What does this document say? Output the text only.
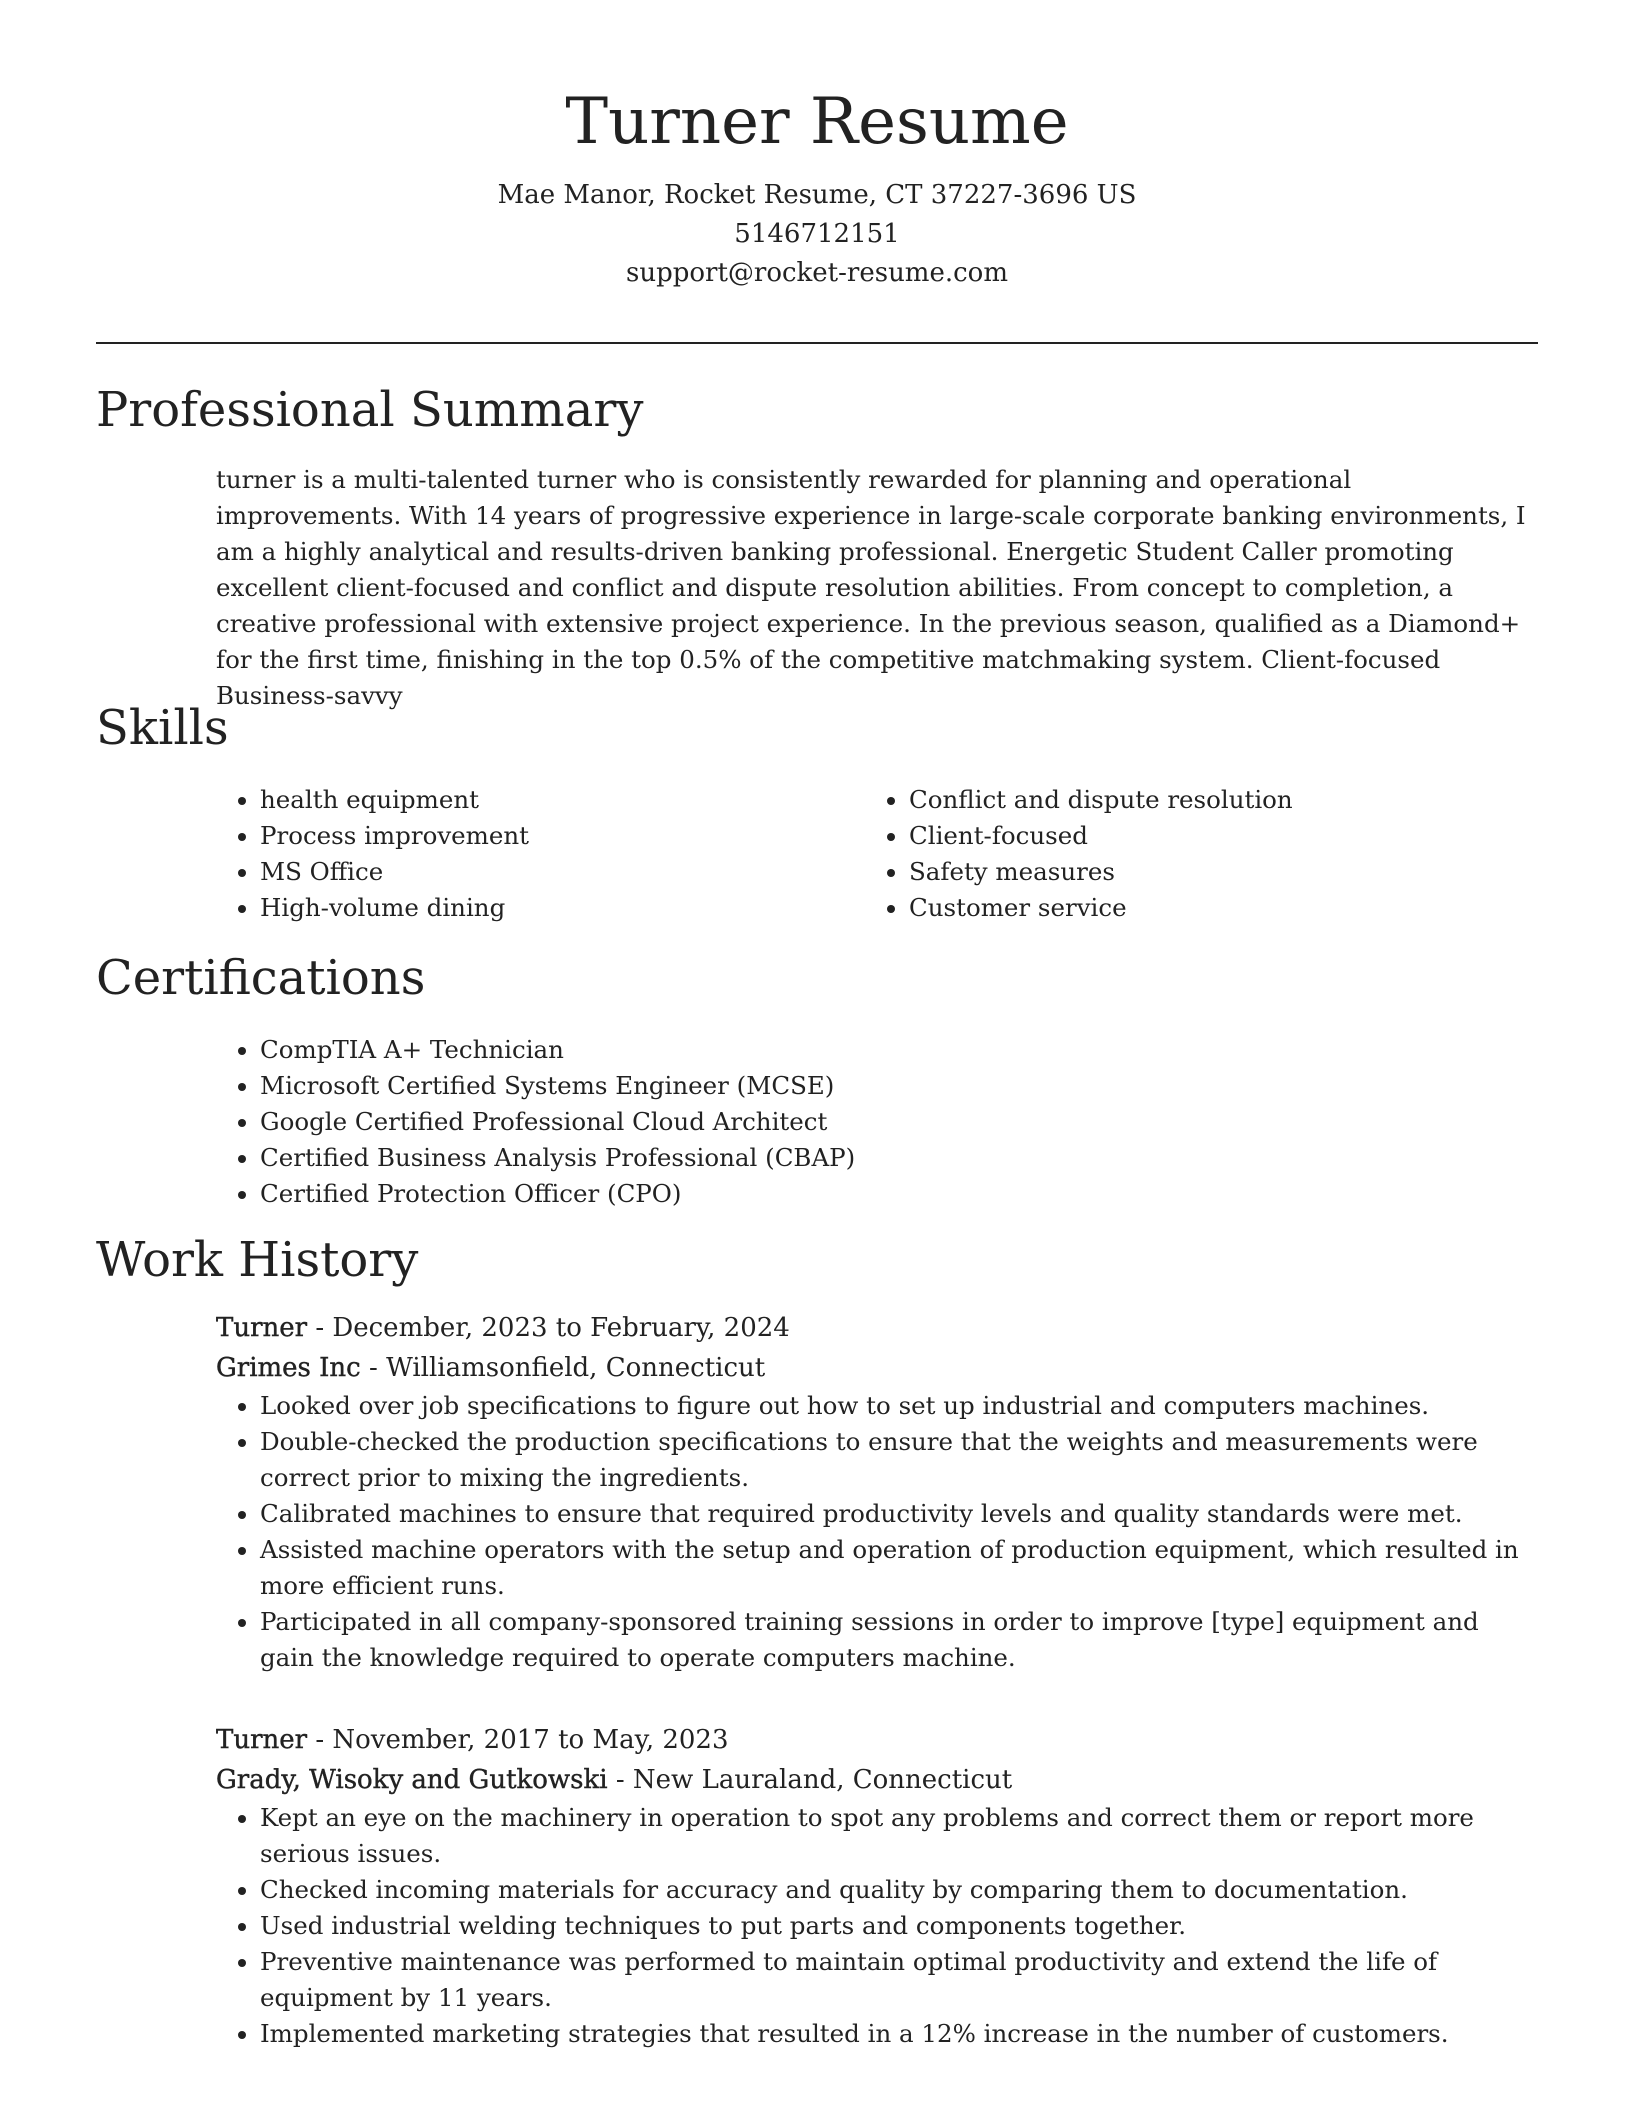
Turner Resume
Mae Manor, Rocket Resume, CT 37227-3696 US
5146712151
support@rocket-resume.com
Professional Summary

turner is a multi-talented turner who is consistently rewarded for planning and operational improvements. With 14 years of progressive experience in large-scale corporate banking environments, I am a highly analytical and results-driven banking professional. Energetic Student Caller promoting excellent client-focused and conflict and dispute resolution abilities. From concept to completion, a creative professional with extensive project experience. In the previous season, qualified as a Diamond+ for the first time, finishing in the top 0.5% of the competitive matchmaking system. Client-focused Business-savvy

Skills
• health equipment
• Process improvement
• MS Office
• High-volume dining
• Conflict and dispute resolution
• Client-focused
• Safety measures
• Customer service
Certifications
• CompTIA A+ Technician
• Microsoft Certified Systems Engineer (MCSE)
• Google Certified Professional Cloud Architect
• Certified Business Analysis Professional (CBAP)
• Certified Protection Officer (CPO)
Work History
Turner - December, 2023 to February, 2024
Grimes Inc - Williamsonfield, Connecticut
• Looked over job specifications to figure out how to set up industrial and computers machines.
• Double-checked the production specifications to ensure that the weights and measurements were correct prior to mixing the ingredients.
• Calibrated machines to ensure that required productivity levels and quality standards were met.
• Assisted machine operators with the setup and operation of production equipment, which resulted in more efficient runs.
• Participated in all company-sponsored training sessions in order to improve [type] equipment and gain the knowledge required to operate computers machine.
Turner - November, 2017 to May, 2023
Grady, Wisoky and Gutkowski - New Lauraland, Connecticut
• Kept an eye on the machinery in operation to spot any problems and correct them or report more serious issues.
• Checked incoming materials for accuracy and quality by comparing them to documentation.
• Used industrial welding techniques to put parts and components together.
• Preventive maintenance was performed to maintain optimal productivity and extend the life of equipment by 11 years.
• Implemented marketing strategies that resulted in a 12% increase in the number of customers.
